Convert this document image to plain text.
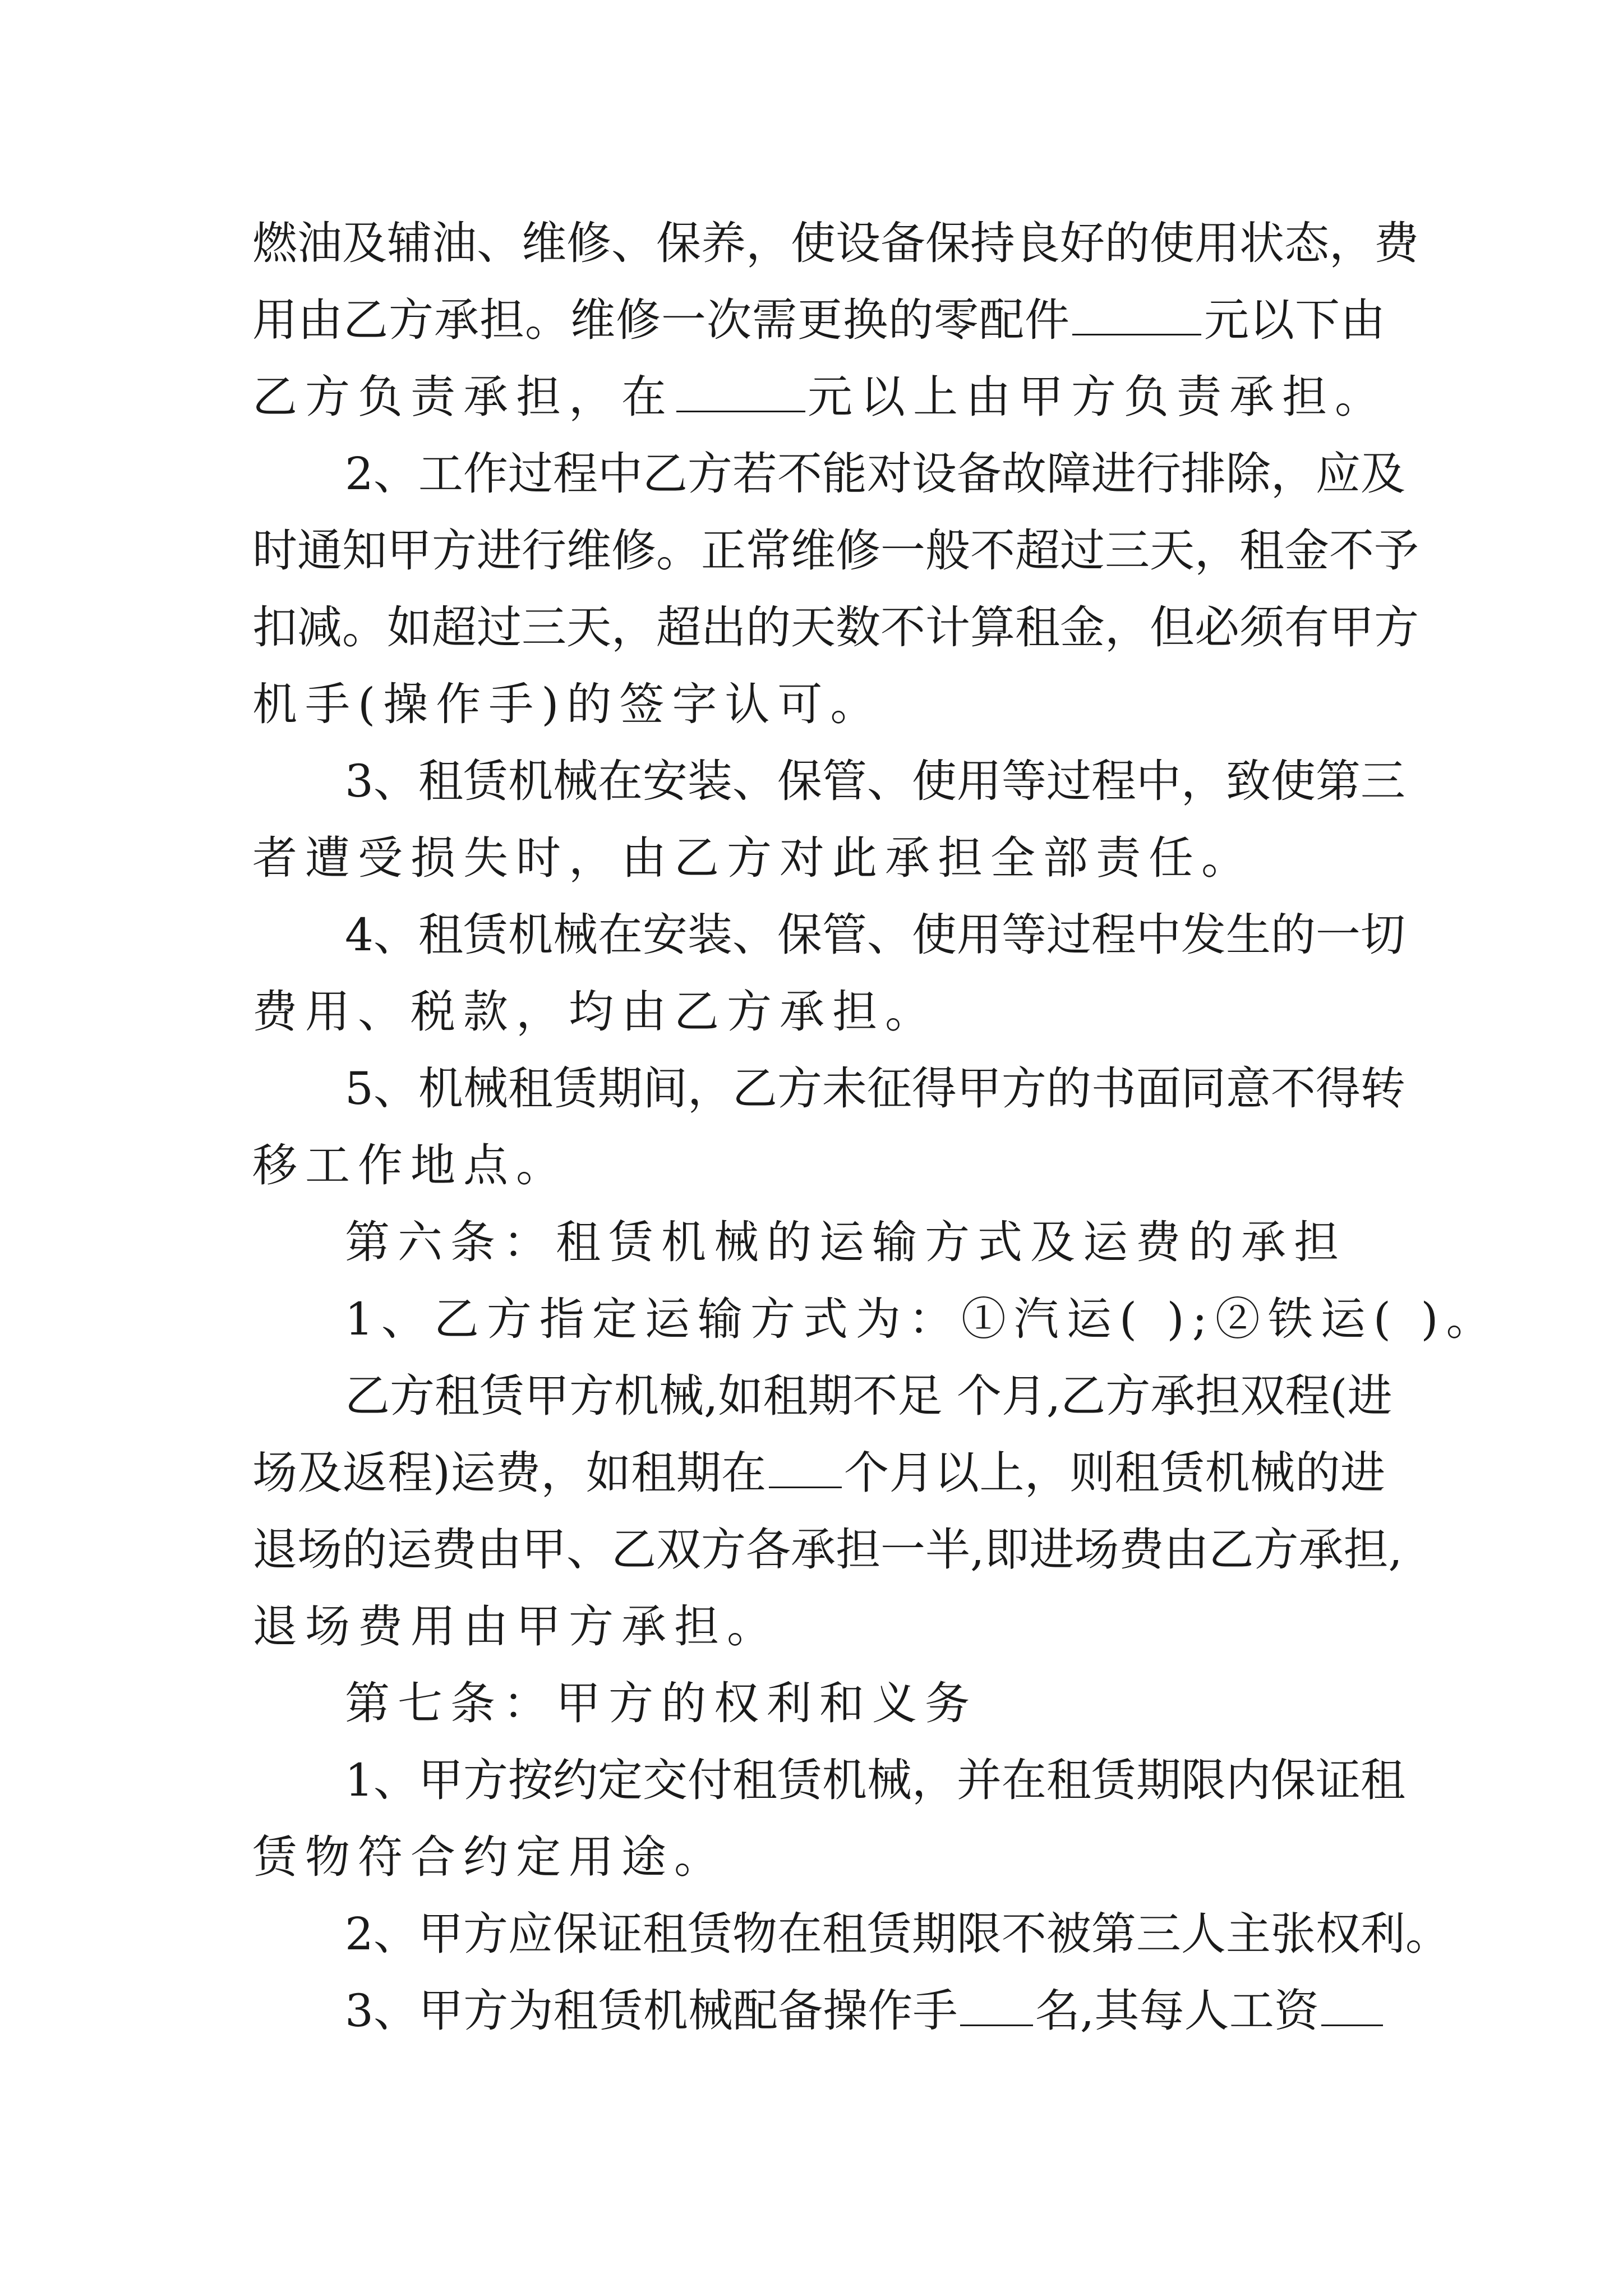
燃油及辅油、维修、保养，使设备保持良好的使用状态，费
用由乙方承担。维修一次需更换的零配件	元以下由
乙方负责承担，在	元以上由甲方负责承担。
2、工作过程中乙方若不能对设备故障进行排除，应及
时通知甲方进行维修。正常维修一般不超过三天，租金不予
扣减。如超过三天，超出的天数不计算租金，但必须有甲方
机手(操作手)的签字认可。
3、租赁机械在安装、保管、使用等过程中，致使第三
者遭受损失时，由乙方对此承担全部责任。
4、租赁机械在安装、保管、使用等过程中发生的一切
费用、税款，均由乙方承担。
5、机械租赁期间，乙方未征得甲方的书面同意不得转
移工作地点。
第六条：租赁机械的运输方式及运费的承担
1、乙方指定运输方式为：①汽运( );②铁运( )。
乙方租赁甲方机械,如租期不足 个月,乙方承担双程(进
场及返程)运费，如租期在 个月以上，则租赁机械的进
退场的运费由甲、乙双方各承担一半,即进场费由乙方承担,
退场费用由甲方承担。
第七条：甲方的权利和义务
1、甲方按约定交付租赁机械，并在租赁期限内保证租
赁物符合约定用途。
2、甲方应保证租赁物在租赁期限不被第三人主张权利。
3、甲方为租赁机械配备操作手 名,其每人工资
